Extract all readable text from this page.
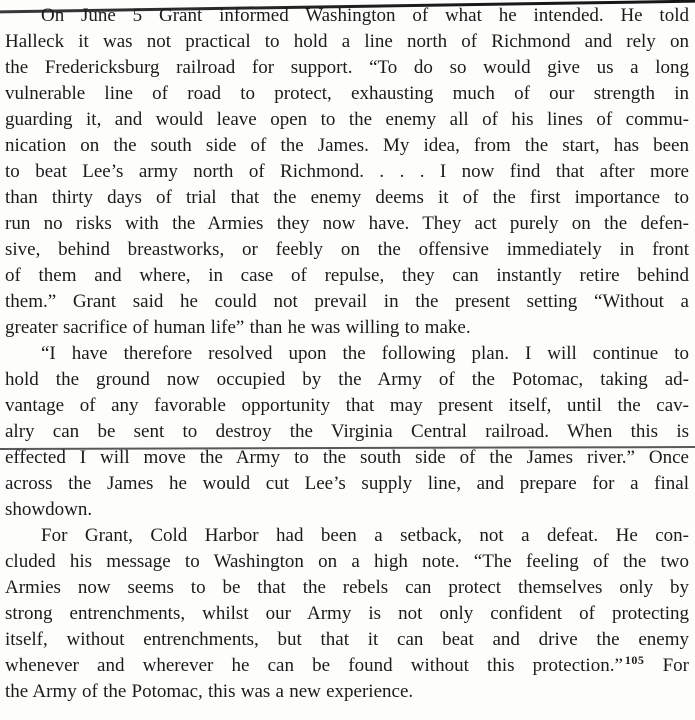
On June 5 Grant informed Washington of what he intended. He told
Halleck it was not practical to hold a line north of Richmond and rely on
the Fredericksburg railroad for support. “To do so would give us a long
vulnerable line of road to protect, exhausting much of our strength in
guarding it, and would leave open to the enemy all of his lines of commu-
nication on the south side of the James. My idea, from the start, has been
to beat Lee’s army north of Richmond. . . . I now find that after more
than thirty days of trial that the enemy deems it of the first importance to
run no risks with the Armies they now have. They act purely on the defen-
sive, behind breastworks, or feebly on the offensive immediately in front
of them and where, in case of repulse, they can instantly retire behind
them.” Grant said he could not prevail in the present setting “Without a
greater sacrifice of human life” than he was willing to make.
“I have therefore resolved upon the following plan. I will continue to
hold the ground now occupied by the Army of the Potomac, taking ad-
vantage of any favorable opportunity that may present itself, until the cav-
alry can be sent to destroy the Virginia Central railroad. When this is
effected I will move the Army to the south side of the James river.” Once
across the James he would cut Lee’s supply line, and prepare for a final
showdown.
For Grant, Cold Harbor had been a setback, not a defeat. He con-
cluded his message to Washington on a high note. “The feeling of the two
Armies now seems to be that the rebels can protect themselves only by
strong entrenchments, whilst our Army is not only confident of protecting
itself, without entrenchments, but that it can beat and drive the enemy
whenever and wherever he can be found without this protection.” $^{105}$ For
the Army of the Potomac, this was a new experience.
